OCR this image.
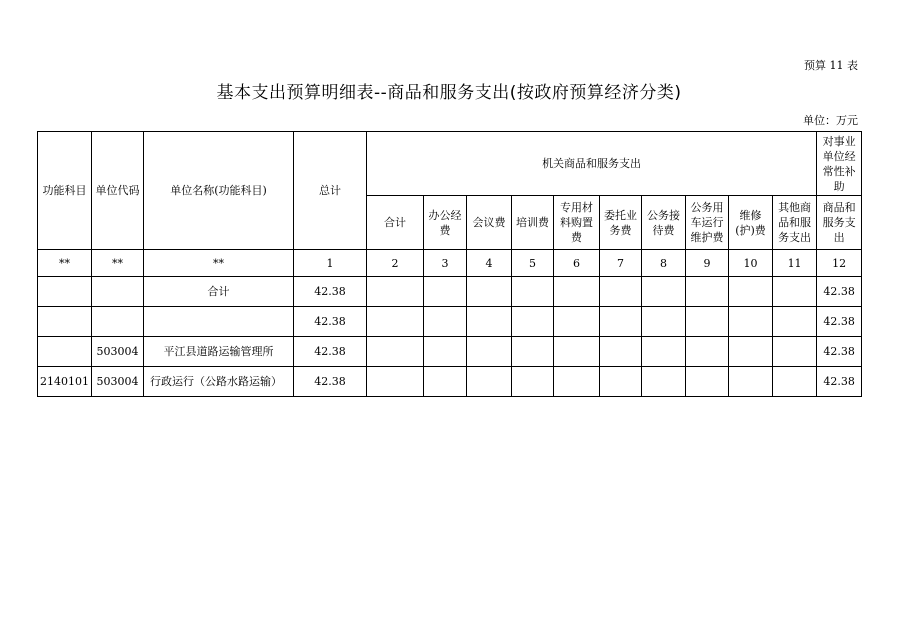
预算 11 表
基本支出预算明细表--商品和服务支出(按政府预算经济分类)
单位：万元
功能科目	单位代码	单位名称(功能科目)	总计	机关商品和服务支出										对事业单位经常性补助
				合计	办公经费	会议费	培训费	专用材料购置费	委托业务费	公务接待费	公务用车运行维护费	维修(护)费	其他商品和服务支出	商品和服务支出
**	**	**	1	2	3	4	5	6	7	8	9	10	11	12
		合计	42.38											42.38
			42.38											42.38
	503004	平江县道路运输管理所	42.38											42.38
2140101	503004	行政运行（公路水路运输）	42.38											42.38
